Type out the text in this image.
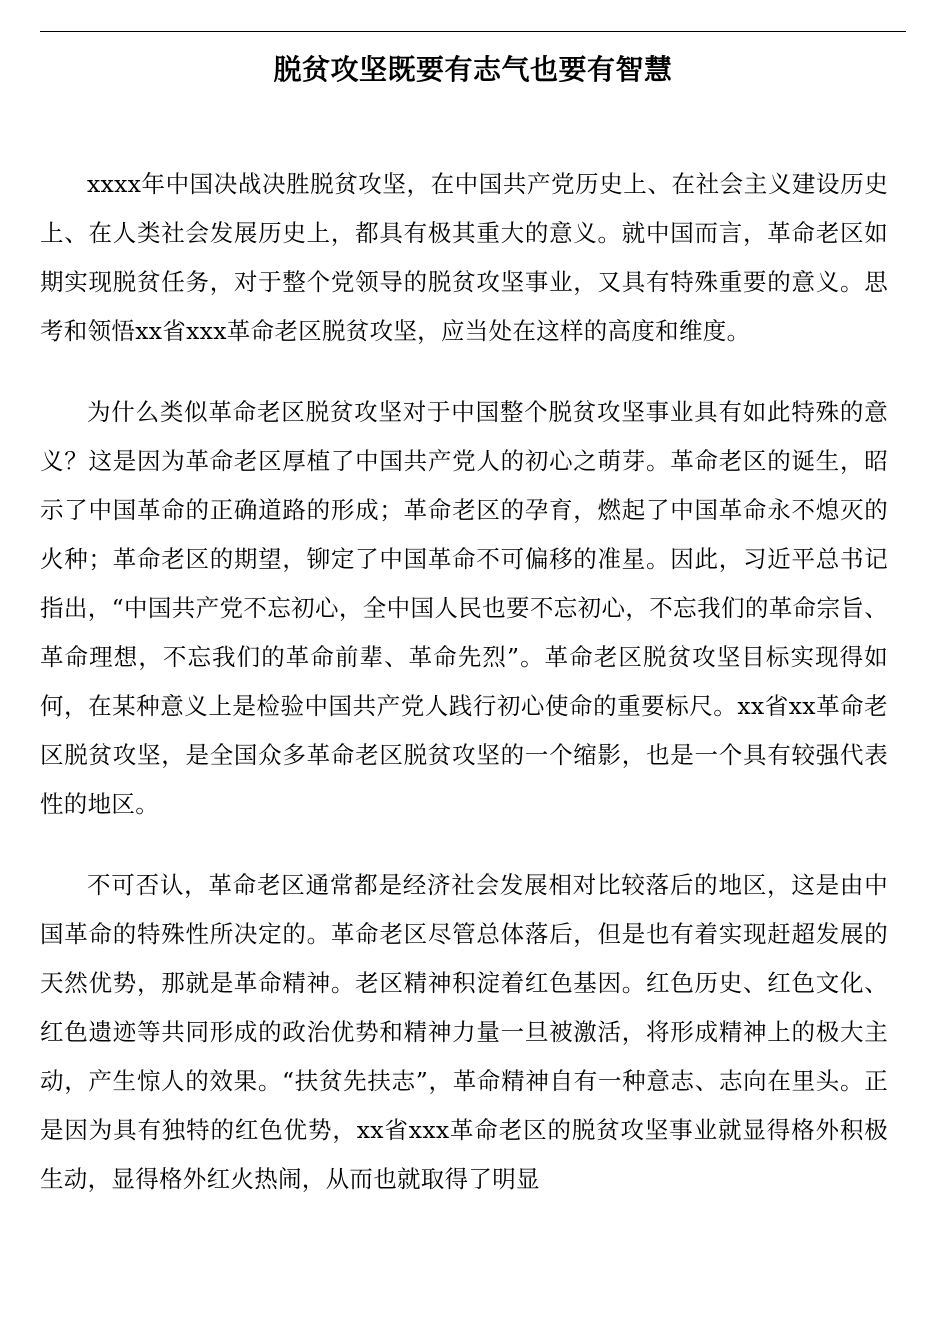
脱贫攻坚既要有志气也要有智慧

xxxx年中国决战决胜脱贫攻坚，在中国共产党历史上、在社会主义建设历史上、在人类社会发展历史上，都具有极其重大的意义。就中国而言，革命老区如期实现脱贫任务，对于整个党领导的脱贫攻坚事业，又具有特殊重要的意义。思考和领悟xx省xxx革命老区脱贫攻坚，应当处在这样的高度和维度。

为什么类似革命老区脱贫攻坚对于中国整个脱贫攻坚事业具有如此特殊的意义？这是因为革命老区厚植了中国共产党人的初心之萌芽。革命老区的诞生，昭示了中国革命的正确道路的形成；革命老区的孕育，燃起了中国革命永不熄灭的火种；革命老区的期望，铆定了中国革命不可偏移的准星。因此，习近平总书记指出，“中国共产党不忘初心，全中国人民也要不忘初心，不忘我们的革命宗旨、革命理想，不忘我们的革命前辈、革命先烈”。革命老区脱贫攻坚目标实现得如何，在某种意义上是检验中国共产党人践行初心使命的重要标尺。xx省xx革命老区脱贫攻坚，是全国众多革命老区脱贫攻坚的一个缩影，也是一个具有较强代表性的地区。

不可否认，革命老区通常都是经济社会发展相对比较落后的地区，这是由中国革命的特殊性所决定的。革命老区尽管总体落后，但是也有着实现赶超发展的天然优势，那就是革命精神。老区精神积淀着红色基因。红色历史、红色文化、红色遗迹等共同形成的政治优势和精神力量一旦被激活，将形成精神上的极大主动，产生惊人的效果。“扶贫先扶志”，革命精神自有一种意志、志向在里头。正是因为具有独特的红色优势，xx省xxx革命老区的脱贫攻坚事业就显得格外积极生动，显得格外红火热闹，从而也就取得了明显
